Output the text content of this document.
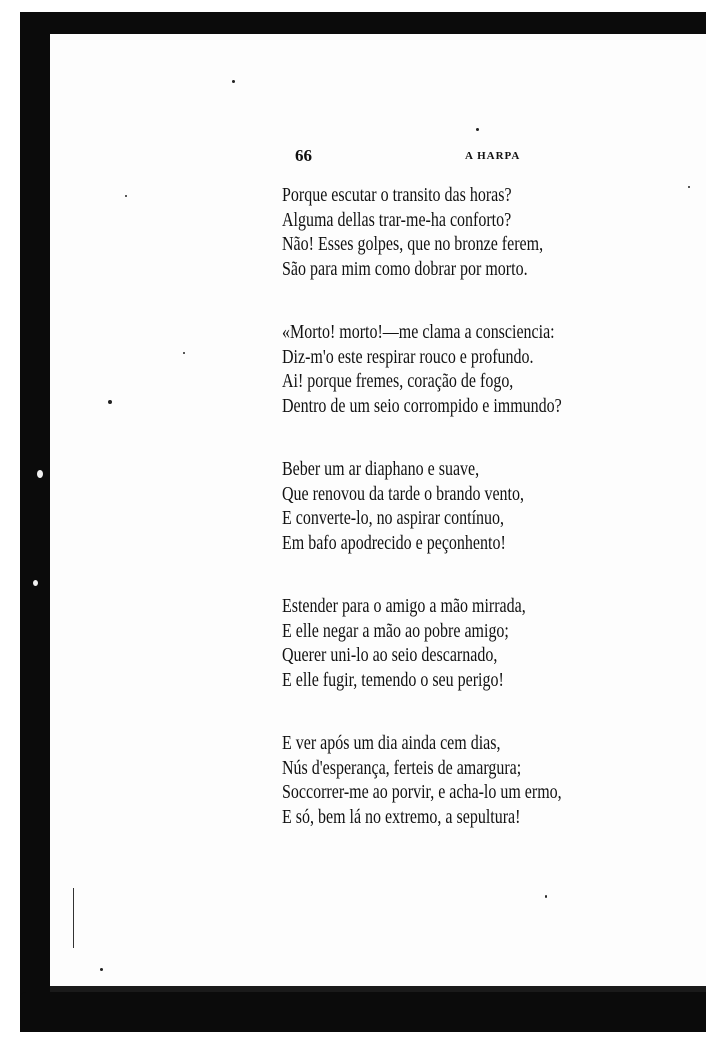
66	A HARPA
Porque escutar o transito das horas?
Alguma dellas trar-me-ha conforto?
Não! Esses golpes, que no bronze ferem,
São para mim como dobrar por morto.
«Morto! morto!—me clama a consciencia:
Diz-m'o este respirar rouco e profundo.
Ai! porque fremes, coração de fogo,
Dentro de um seio corrompido e immundo?
Beber um ar diaphano e suave,
Que renovou da tarde o brando vento,
E converte-lo, no aspirar contínuo,
Em bafo apodrecido e peçonhento!
Estender para o amigo a mão mirrada,
E elle negar a mão ao pobre amigo;
Querer uni-lo ao seio descarnado,
E elle fugir, temendo o seu perigo!
E ver após um dia ainda cem dias,
Nús d'esperança, ferteis de amargura;
Soccorrer-me ao porvir, e acha-lo um ermo,
E só, bem lá no extremo, a sepultura!
